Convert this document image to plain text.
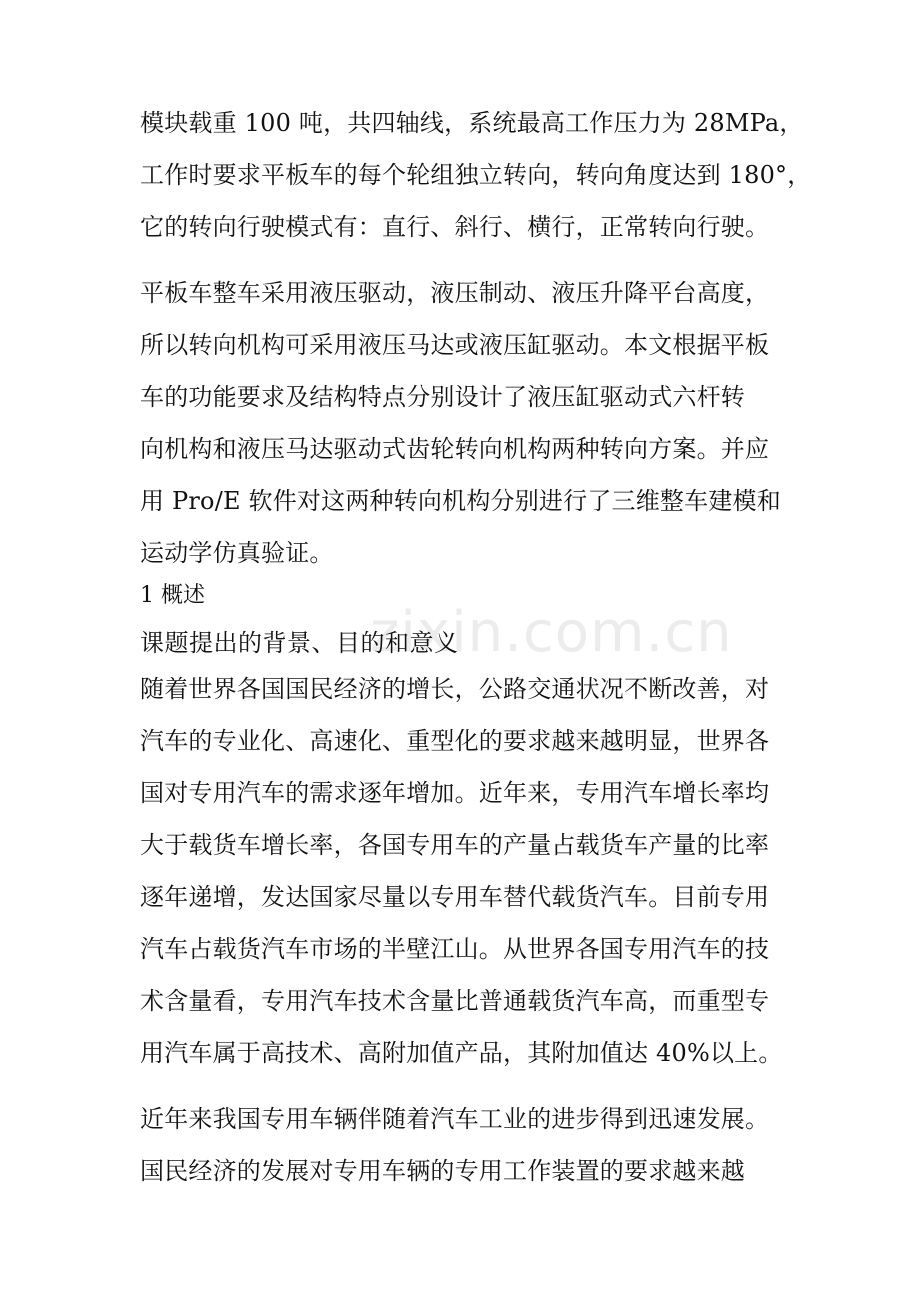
zixin.com.cn
模块载重 100 吨，共四轴线，系统最高工作压力为 28MPa，
工作时要求平板车的每个轮组独立转向，转向角度达到 180°，
它的转向行驶模式有：直行、斜行、横行，正常转向行驶。
平板车整车采用液压驱动，液压制动、液压升降平台高度，
所以转向机构可采用液压马达或液压缸驱动。本文根据平板
车的功能要求及结构特点分别设计了液压缸驱动式六杆转
向机构和液压马达驱动式齿轮转向机构两种转向方案。并应
用 Pro/E 软件对这两种转向机构分别进行了三维整车建模和
运动学仿真验证。
1 概述
课题提出的背景、目的和意义
随着世界各国国民经济的增长，公路交通状况不断改善，对
汽车的专业化、高速化、重型化的要求越来越明显，世界各
国对专用汽车的需求逐年增加。近年来，专用汽车增长率均
大于载货车增长率，各国专用车的产量占载货车产量的比率
逐年递增，发达国家尽量以专用车替代载货汽车。目前专用
汽车占载货汽车市场的半壁江山。从世界各国专用汽车的技
术含量看，专用汽车技术含量比普通载货汽车高，而重型专
用汽车属于高技术、高附加值产品，其附加值达 40%以上。
近年来我国专用车辆伴随着汽车工业的进步得到迅速发展。
国民经济的发展对专用车辆的专用工作装置的要求越来越
